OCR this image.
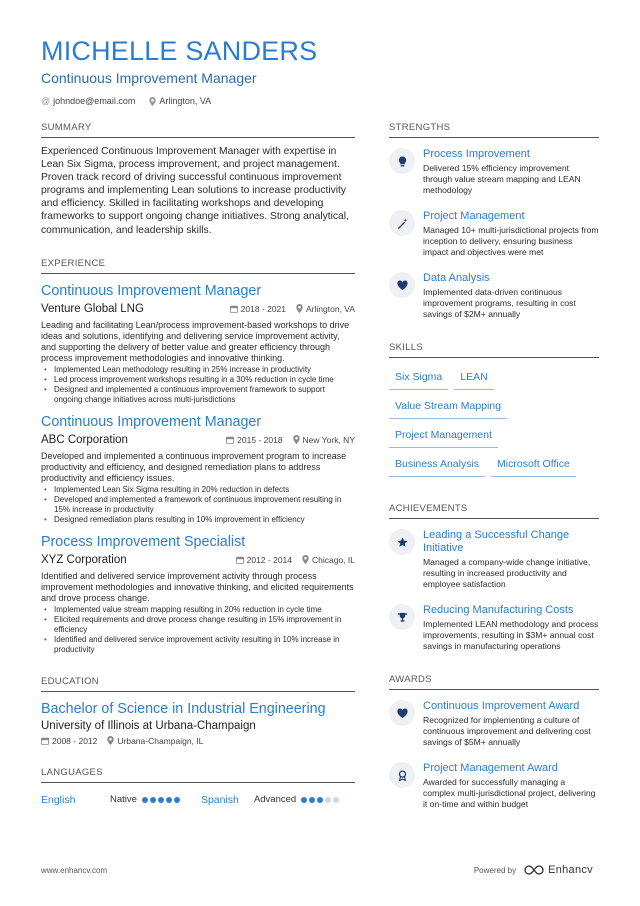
MICHELLE SANDERS
Continuous Improvement Manager
@ johndoe@email.com	Arlington, VA
SUMMARY

Experienced Continuous Improvement Manager with expertise in Lean Six Sigma, process improvement, and project management. Proven track record of driving successful continuous improvement programs and implementing Lean solutions to increase productivity and efficiency. Skilled in facilitating workshops and developing frameworks to support ongoing change initiatives. Strong analytical, communication, and leadership skills.

EXPERIENCE
Continuous Improvement Manager
Venture Global LNG	2018 - 2021 Arlington, VA

Leading and facilitating Lean/process improvement-based workshops to drive ideas and solutions, identifying and delivering service improvement activity, and supporting the delivery of better value and greater efficiency through process improvement methodologies and innovative thinking.

• Implemented Lean methodology resulting in 25% increase in productivity
• Led process improvement workshops resulting in a 30% reduction in cycle time
• Designed and implemented a continuous improvement framework to support ongoing change initiatives across multi-jurisdictions
Continuous Improvement Manager
ABC Corporation	2015 - 2018 New York, NY

Developed and implemented a continuous improvement program to increase productivity and efficiency, and designed remediation plans to address productivity and efficiency issues.

• Implemented Lean Six Sigma resulting in 20% reduction in defects
• Developed and implemented a framework of continuous improvement resulting in 15% increase in productivity
• Designed remediation plans resulting in 10% improvement in efficiency
Process Improvement Specialist
XYZ Corporation	2012 - 2014 Chicago, IL

Identified and delivered service improvement activity through process improvement methodologies and innovative thinking, and elicited requirements and drove process change.

• Implemented value stream mapping resulting in 20% reduction in cycle time
• Elicited requirements and drove process change resulting in 15% improvement in efficiency
• Identified and delivered service improvement activity resulting in 10% increase in productivity
EDUCATION
Bachelor of Science in Industrial Engineering
University of Illinois at Urbana-Champaign
2008 - 2012 Urbana-Champaign, IL
LANGUAGES
English	Native	Spanish	Advanced
STRENGTHS
Process Improvement
Delivered 15% efficiency improvement through value stream mapping and LEAN methodology
Project Management
Managed 10+ multi-jurisdictional projects from inception to delivery, ensuring business impact and objectives were met
Data Analysis
Implemented data-driven continuous improvement programs, resulting in cost savings of $2M+ annually
SKILLS
Six Sigma	LEAN
Value Stream Mapping
Project Management
Business Analysis	Microsoft Office
ACHIEVEMENTS
Leading a Successful Change Initiative
Managed a company-wide change initiative, resulting in increased productivity and employee satisfaction
Reducing Manufacturing Costs
Implemented LEAN methodology and process improvements, resulting in $3M+ annual cost savings in manufacturing operations
AWARDS
Continuous Improvement Award
Recognized for implementing a culture of continuous improvement and delivering cost savings of $5M+ annually
Project Management Award
Awarded for successfully managing a complex multi-jurisdictional project, delivering it on-time and within budget
www.enhancv.com	Powered by	Enhancv
